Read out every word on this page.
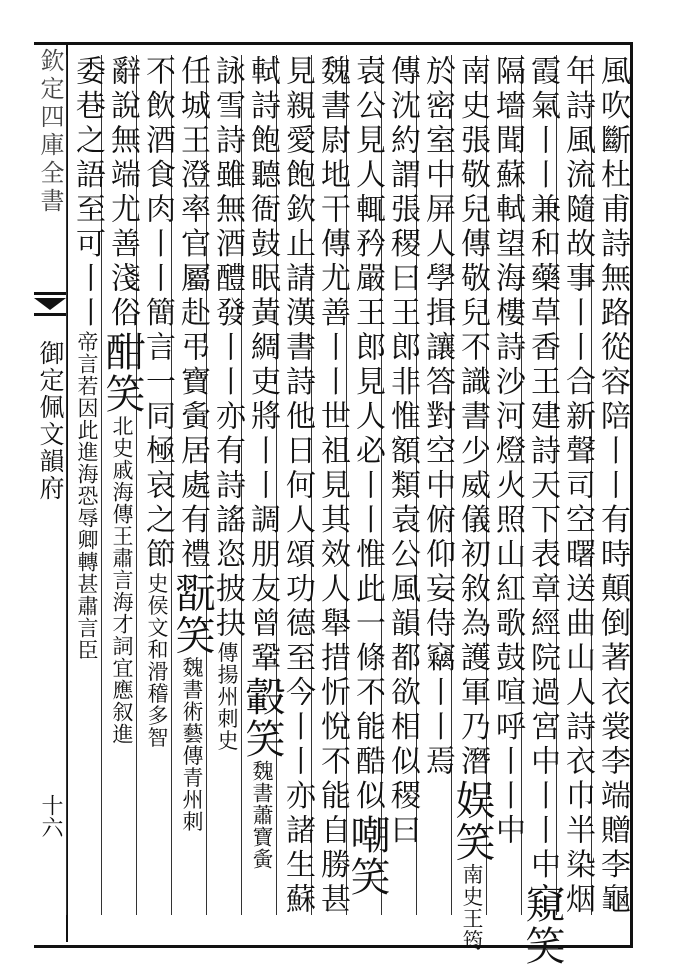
欽定四庫全書
御定佩文韻府
十六	風吹斷杜甫詩無路從容陪丨丨有時顛倒著衣裳李端贈李龜
年詩風流隨故事丨丨合新聲司空曙送曲山人詩衣巾半染烟
霞氣丨丨兼和藥草香王建詩天下表章經院過宮中丨丨中窺笑
隔墻聞蘇軾望海樓詩沙河燈火照山紅歌鼓喧呼丨丨中
南史張敬兒傳敬兒不識書少威儀初敘為護軍乃潛娱笑南史王筠
於密室中屏人學揖讓答對空中俯仰妄侍竊丨丨焉
傳沈約謂張稷曰王郎非惟額類袁公風韻都欲相似稷曰
袁公見人輒矜嚴王郎見人必丨丨惟此一條不能酷似嘲笑
魏書尉地干傳尤善丨丨世祖見其效人舉措忻悅不能自勝甚
見親愛飽欽止請漢書詩他日何人頌功德至今丨丨亦諸生蘇
軾詩飽聽衙鼓眠黃綢吏將丨丨調朋友曾鞏轂笑魏書蕭寶夤
詠雪詩雖無酒醴發丨丨亦有詩謠恣披抉傳揚州刺史
任城王澄率官屬赴弔寶夤居處有禮翫笑魏書術藝傳青州刺
不飲酒食肉丨丨簡言一同極哀之節史侯文和滑稽多智
辭說無端尤善淺俗酣笑北史戚海傳王肅言海才詞宜應叙進
委巷之語至可丨丨帝言若因此進海恐辱卿轉甚肅言臣
